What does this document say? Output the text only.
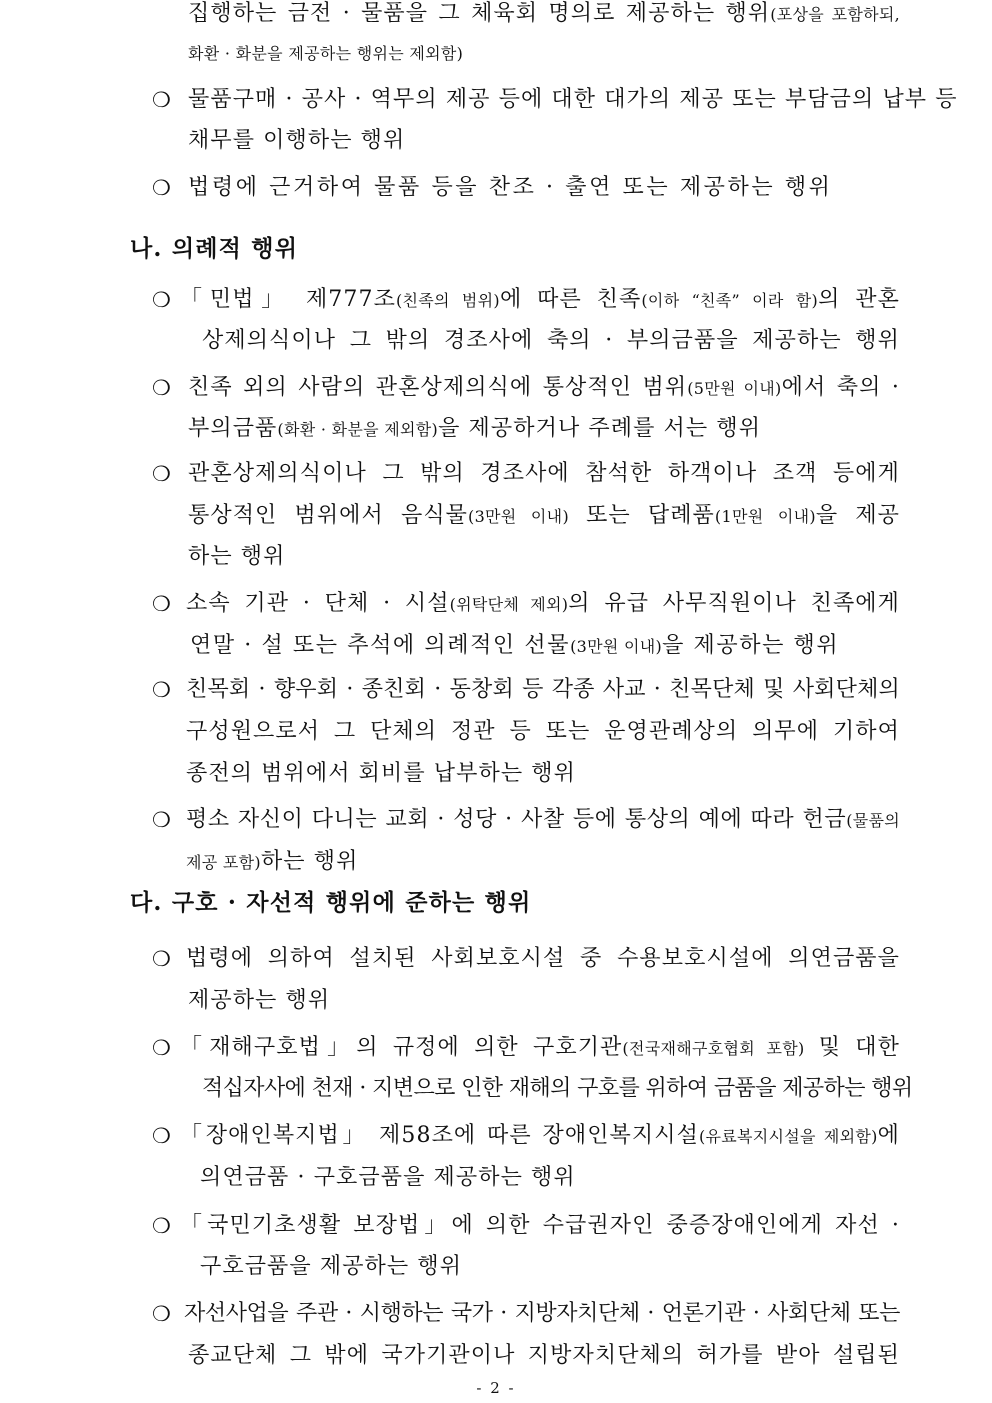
집행하는 금전 · 물품을 그 체육회 명의로 제공하는 행위(포상을 포함하되,
화환 · 화분을 제공하는 행위는 제외함)
❍ 물품구매 · 공사 · 역무의 제공 등에 대한 대가의 제공 또는 부담금의 납부 등
채무를 이행하는 행위
❍ 법령에 근거하여 물품 등을 찬조 · 출연 또는 제공하는 행위
나. 의례적 행위
❍ 「민법」 제777조(친족의 범위)에 따른 친족(이하 “친족” 이라 함)의 관혼
상제의식이나 그 밖의 경조사에 축의 · 부의금품을 제공하는 행위
❍ 친족 외의 사람의 관혼상제의식에 통상적인 범위(5만원 이내)에서 축의 ·
부의금품(화환 · 화분을 제외함)을 제공하거나 주례를 서는 행위
❍ 관혼상제의식이나 그 밖의 경조사에 참석한 하객이나 조객 등에게
통상적인 범위에서 음식물(3만원 이내) 또는 답례품(1만원 이내)을 제공
하는 행위
❍ 소속 기관 · 단체 · 시설(위탁단체 제외)의 유급 사무직원이나 친족에게
연말 · 설 또는 추석에 의례적인 선물(3만원 이내)을 제공하는 행위
❍ 친목회 · 향우회 · 종친회 · 동창회 등 각종 사교 · 친목단체 및 사회단체의
구성원으로서 그 단체의 정관 등 또는 운영관례상의 의무에 기하여
종전의 범위에서 회비를 납부하는 행위
❍ 평소 자신이 다니는 교회 · 성당 · 사찰 등에 통상의 예에 따라 헌금(물품의
제공 포함)하는 행위
다. 구호 · 자선적 행위에 준하는 행위
❍ 법령에 의하여 설치된 사회보호시설 중 수용보호시설에 의연금품을
제공하는 행위
❍ 「재해구호법」의 규정에 의한 구호기관(전국재해구호협회 포함) 및 대한
적십자사에 천재 · 지변으로 인한 재해의 구호를 위하여 금품을 제공하는 행위
❍ 「장애인복지법」 제58조에 따른 장애인복지시설(유료복지시설을 제외함)에
의연금품 · 구호금품을 제공하는 행위
❍ 「국민기초생활 보장법」에 의한 수급권자인 중증장애인에게 자선 ·
구호금품을 제공하는 행위
❍ 자선사업을 주관 · 시행하는 국가 · 지방자치단체 · 언론기관 · 사회단체 또는
종교단체 그 밖에 국가기관이나 지방자치단체의 허가를 받아 설립된
- 2 -
